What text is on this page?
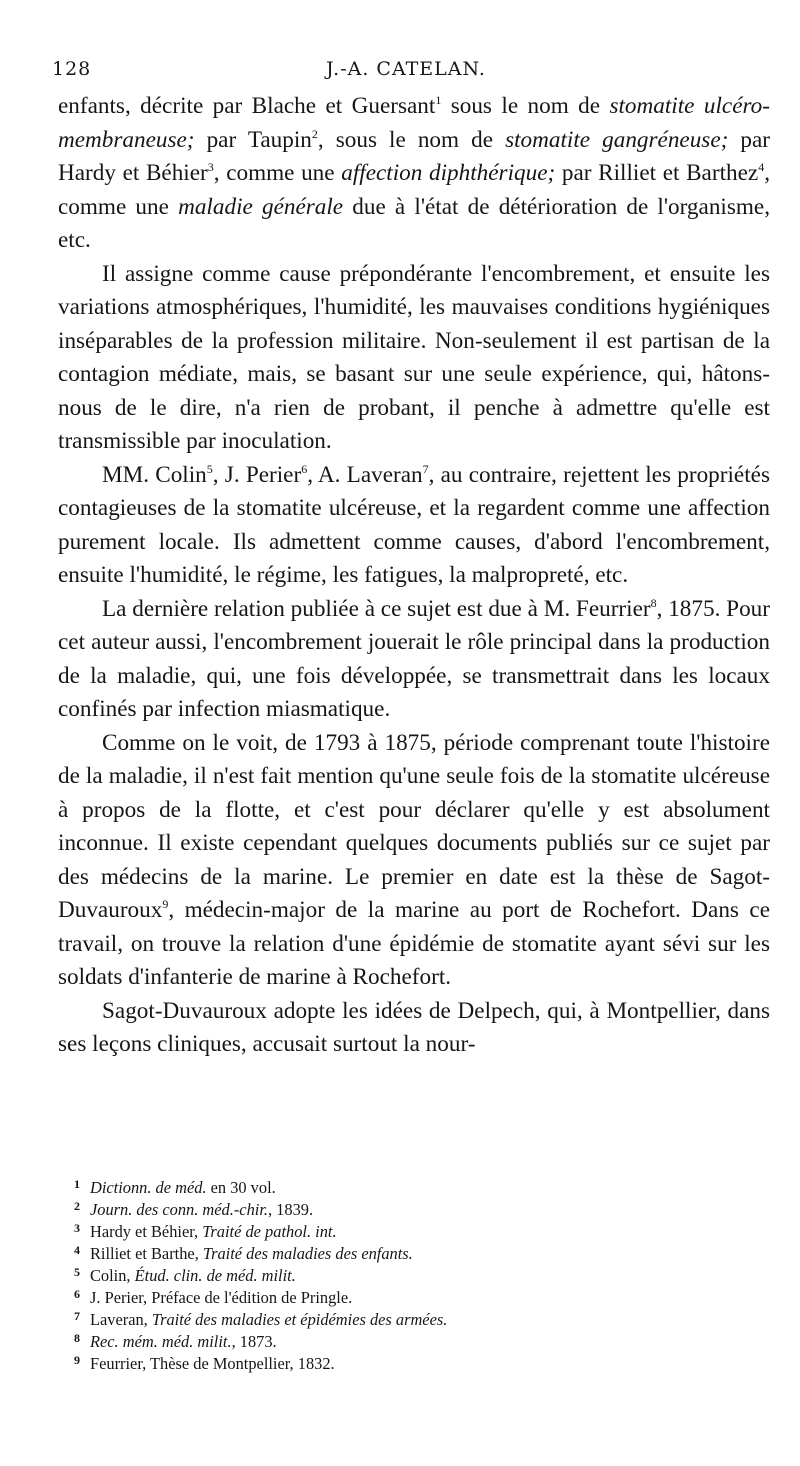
128	J.-A. CATELAN.

enfants, décrite par Blache et Guersant$^1$ sous le nom de stomatite ulcéro-membraneuse; par Taupin$^2$, sous le nom de stomatite gangréneuse; par Hardy et Béhier$^3$, comme une affection diphthérique; par Rilliet et Barthez$^4$, comme une maladie générale due à l'état de détérioration de l'organisme, etc.

Il assigne comme cause prépondérante l'encombrement, et ensuite les variations atmosphériques, l'humidité, les mauvaises conditions hygiéniques inséparables de la profession militaire. Non-seulement il est partisan de la contagion médiate, mais, se basant sur une seule expérience, qui, hâtons-nous de le dire, n'a rien de probant, il penche à admettre qu'elle est transmissible par inoculation.

MM. Colin$^5$, J. Perier$^6$, A. Laveran$^7$, au contraire, rejettent les propriétés contagieuses de la stomatite ulcéreuse, et la regardent comme une affection purement locale. Ils admettent comme causes, d'abord l'encombrement, ensuite l'humidité, le régime, les fatigues, la malpropreté, etc.

La dernière relation publiée à ce sujet est due à M. Feurrier$^8$, 1875. Pour cet auteur aussi, l'encombrement jouerait le rôle principal dans la production de la maladie, qui, une fois développée, se transmettrait dans les locaux confinés par infection miasmatique.

Comme on le voit, de 1793 à 1875, période comprenant toute l'histoire de la maladie, il n'est fait mention qu'une seule fois de la stomatite ulcéreuse à propos de la flotte, et c'est pour déclarer qu'elle y est absolument inconnue. Il existe cependant quelques documents publiés sur ce sujet par des médecins de la marine. Le premier en date est la thèse de Sagot-Duvauroux$^9$, médecin-major de la marine au port de Rochefort. Dans ce travail, on trouve la relation d'une épidémie de stomatite ayant sévi sur les soldats d'infanterie de marine à Rochefort.

Sagot-Duvauroux adopte les idées de Delpech, qui, à Montpellier, dans ses leçons cliniques, accusait surtout la nour-

1 Dictionn. de méd. en 30 vol.
2 Journ. des conn. méd.-chir., 1839.
3 Hardy et Béhier, Traité de pathol. int.
4 Rilliet et Barthe, Traité des maladies des enfants.
5 Colin, Étud. clin. de méd. milit.
6 J. Perier, Préface de l'édition de Pringle.
7 Laveran, Traité des maladies et épidémies des armées.
8 Rec. mém. méd. milit., 1873.
9 Feurrier, Thèse de Montpellier, 1832.
